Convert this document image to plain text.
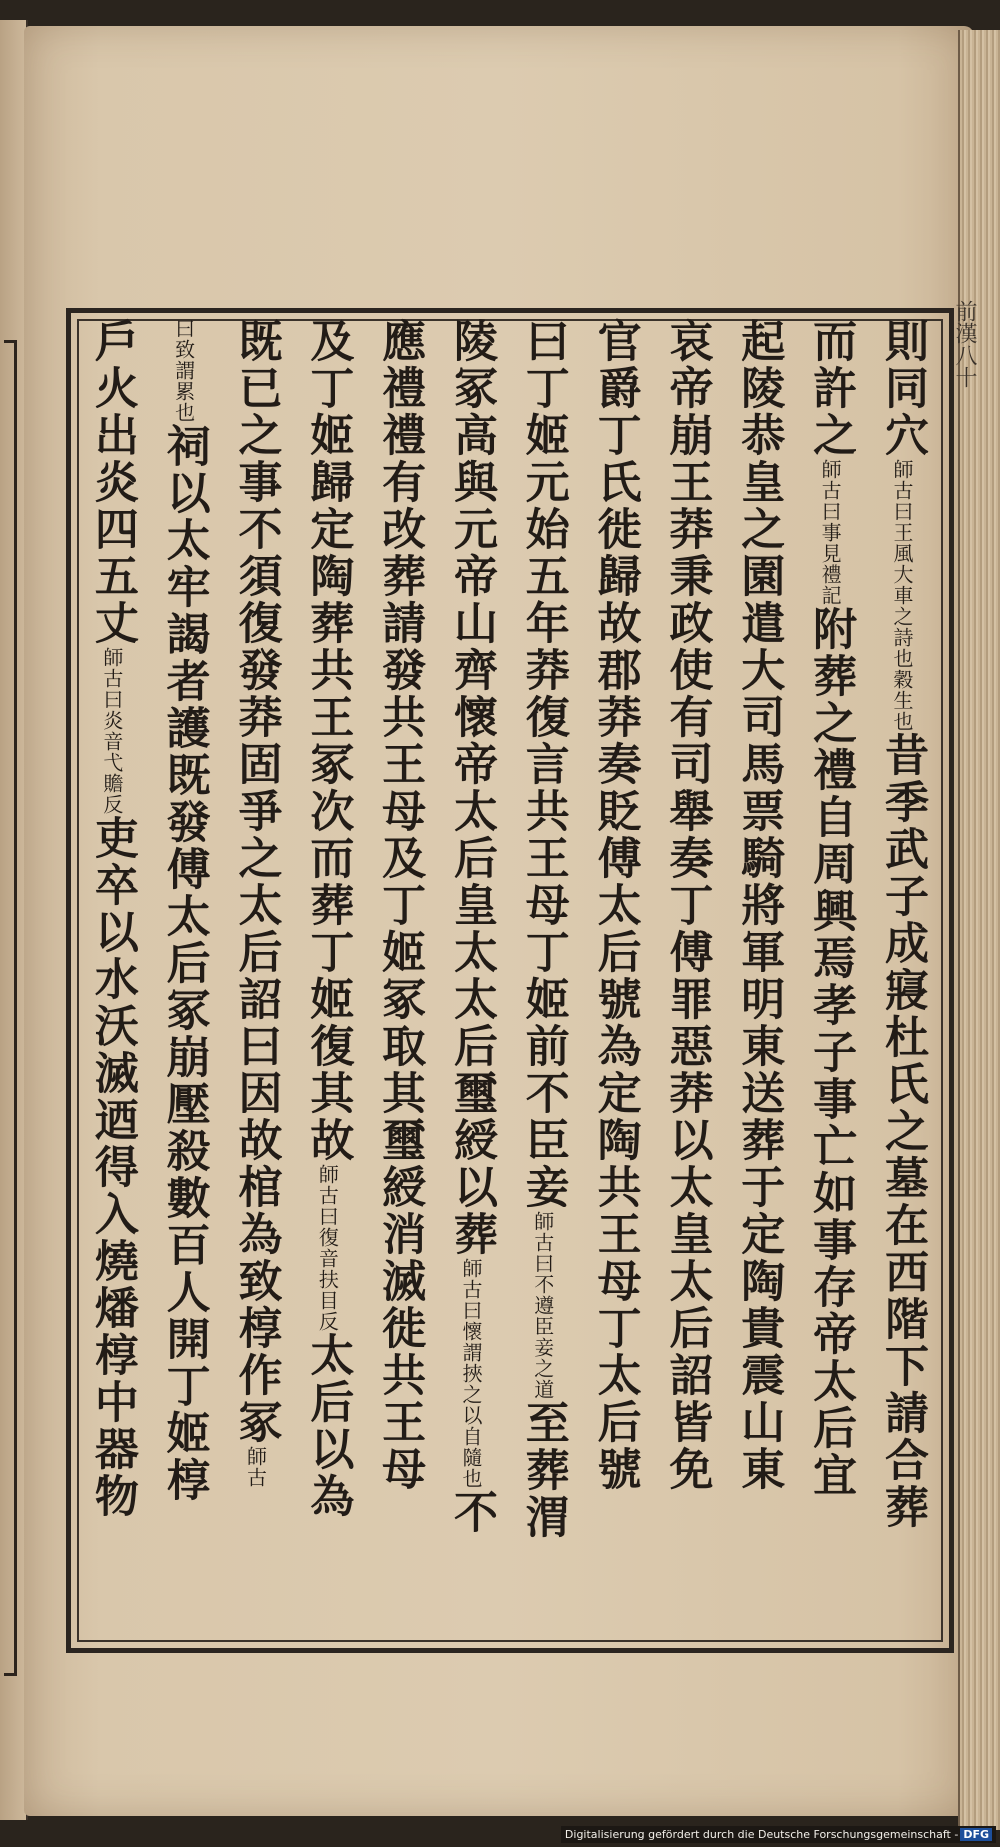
前漢八十
則同穴師古曰王風大車之詩也穀生也昔季武子成寢杜氏之墓在西階下請合葬
而許之師古曰事見禮記附葬之禮自周興焉孝子事亡如事存帝太后宜
起陵恭皇之園遣大司馬票騎將軍明東送葬于定陶貴震山東
哀帝崩王莽秉政使有司舉奏丁傅罪惡莽以太皇太后詔皆免
官爵丁氏徙歸故郡莽奏貶傅太后號為定陶共王母丁太后號
曰丁姬元始五年莽復言共王母丁姬前不臣妾師古曰不遵臣妾之道至葬渭
陵冢高與元帝山齊懷帝太后皇太太后璽綬以葬師古曰懷謂挾之以自隨也不
應禮禮有改葬請發共王母及丁姬冢取其璽綬消滅徙共王母
及丁姬歸定陶葬共王冢次而葬丁姬復其故師古曰復音扶目反太后以為
既已之事不須復發莽固爭之太后詔曰因故棺為致椁作冢師古
曰致謂累也祠以太牢謁者護既發傅太后冢崩壓殺數百人開丁姬椁
戶火出炎四五丈師古曰炎音弋贍反吏卒以水沃滅迺得入燒燔椁中器物
Digitalisierung gefördert durch die Deutsche Forschungsgemeinschaft - DFG
